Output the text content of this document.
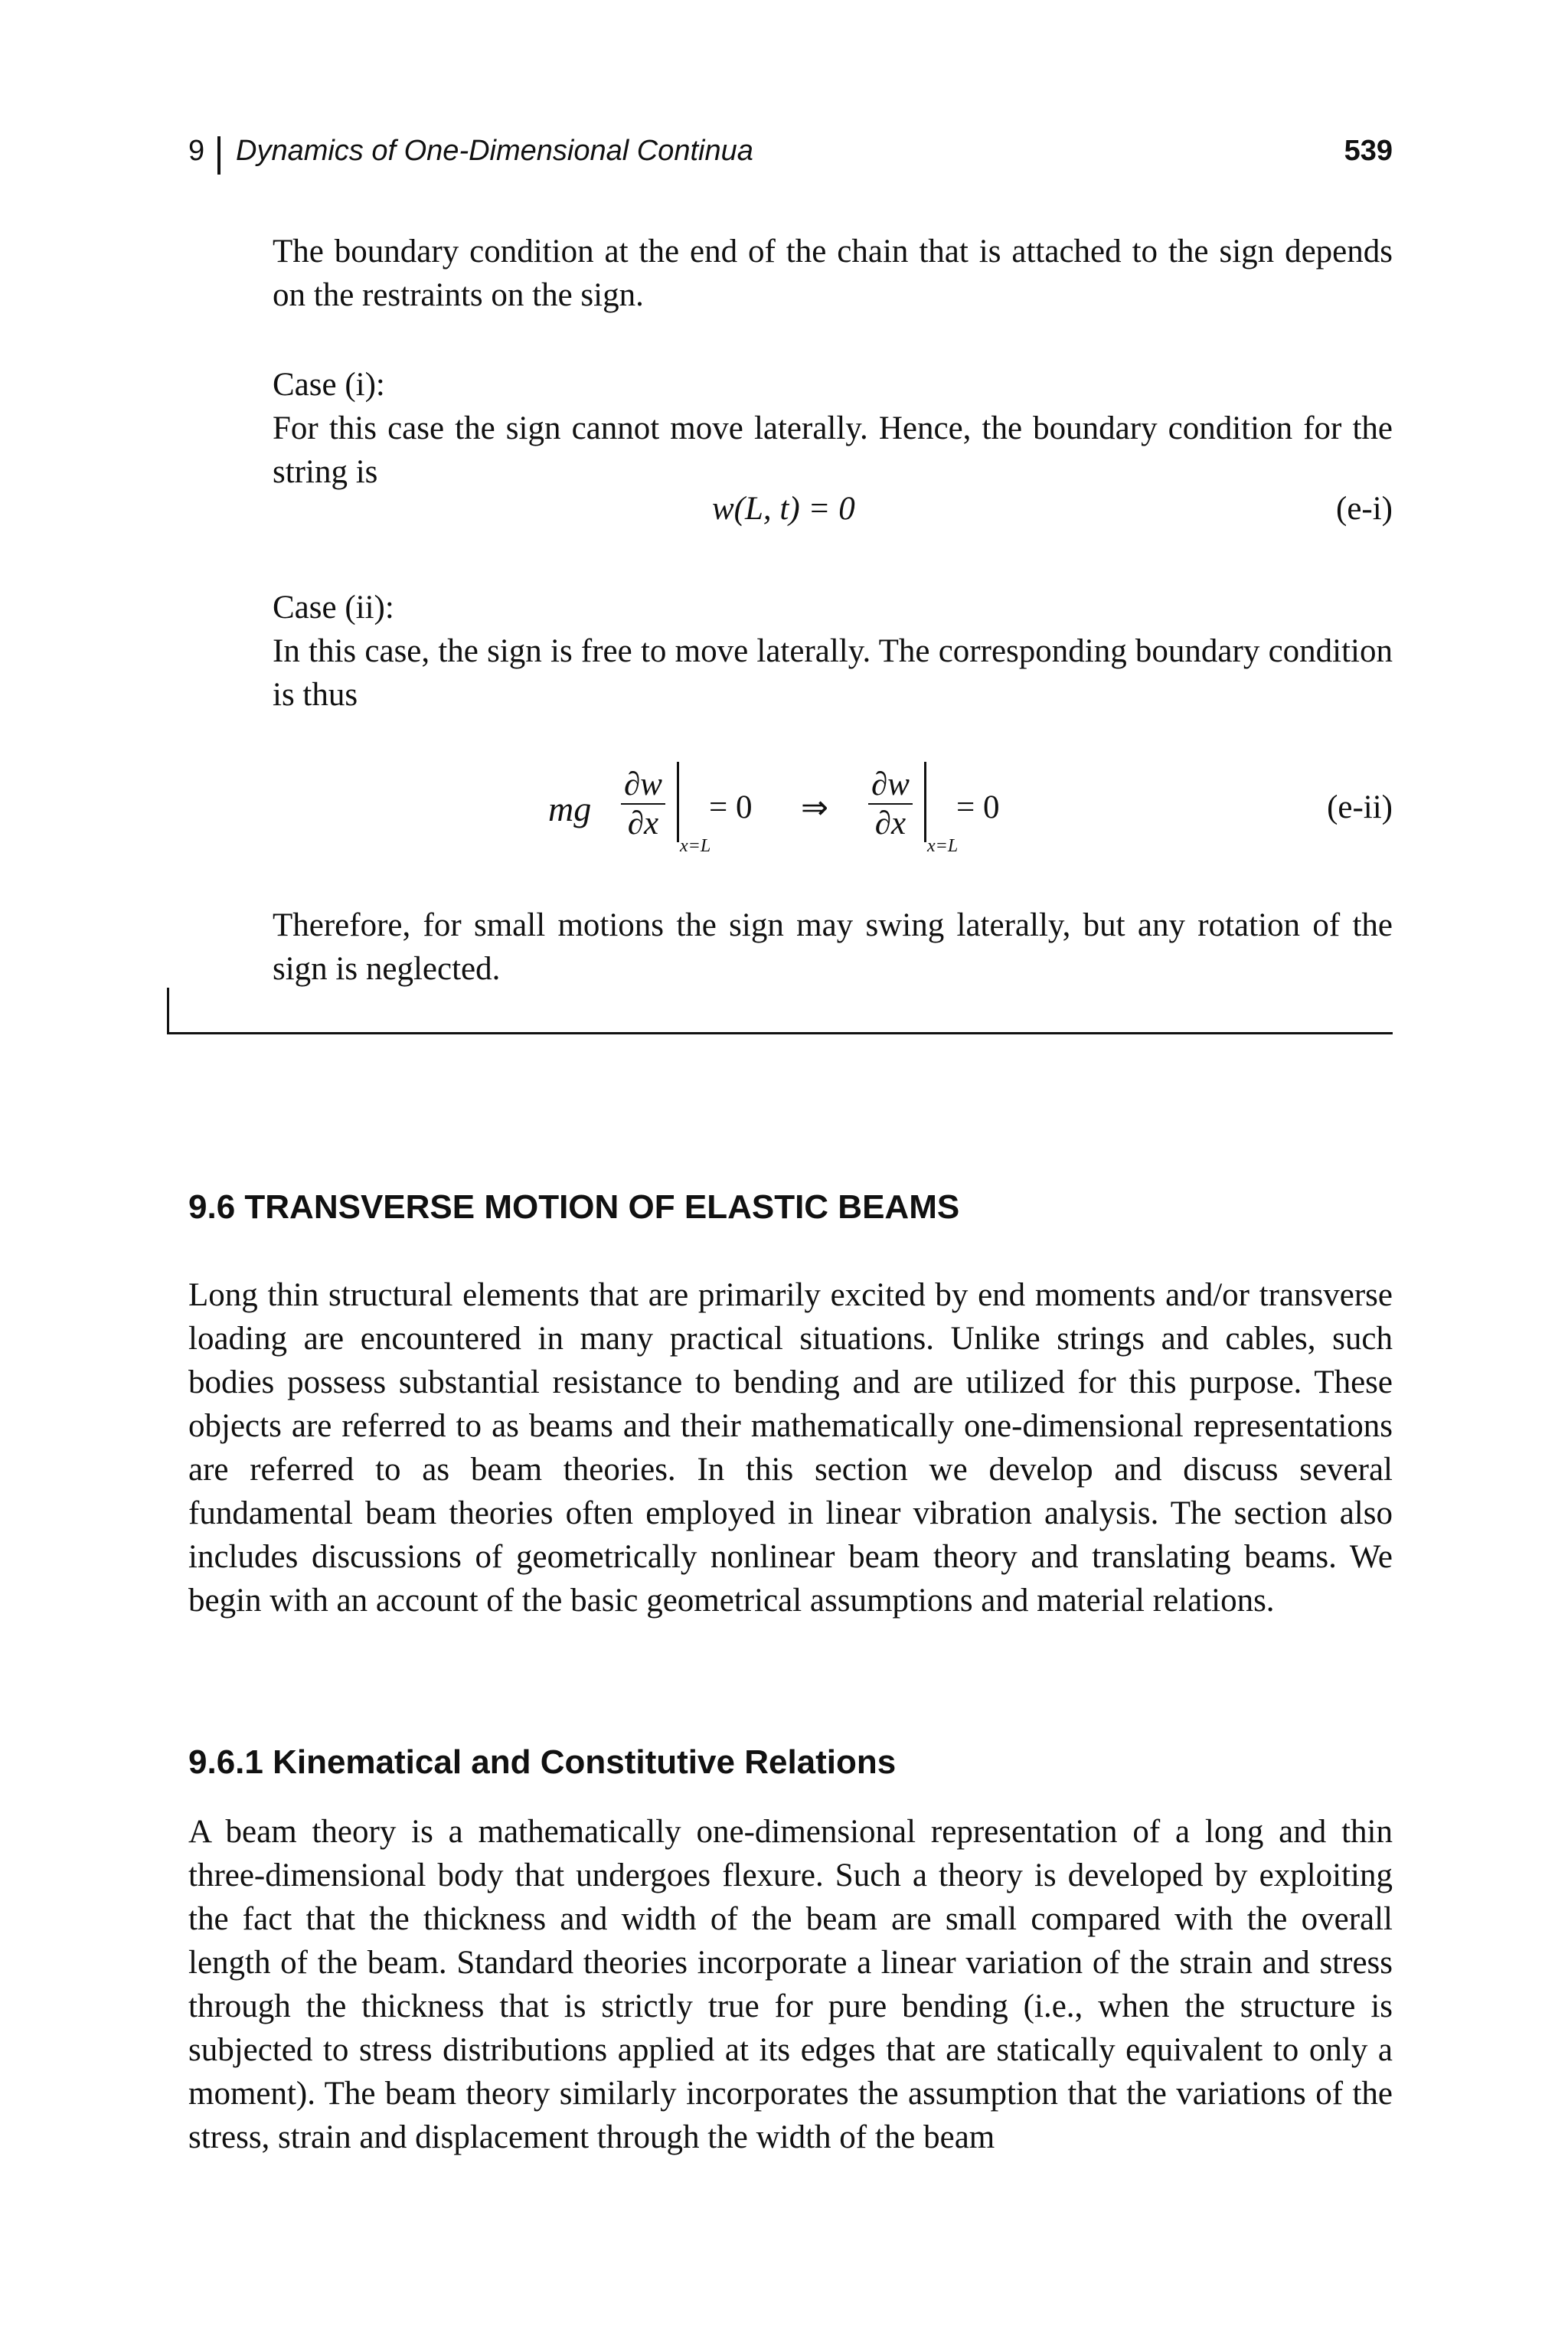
9 Dynamics of One-Dimensional Continua	539
The boundary condition at the end of the chain that is attached to the sign depends on the restraints on the sign.
Case (i):
For this case the sign cannot move laterally. Hence, the boundary condition for the string is
w(L, t) = 0	(e-i)
Case (ii):
In this case, the sign is free to move laterally. The corresponding boundary condition is thus
mg $\frac{\partial w}{\partial x}$
x=L
= 0 ⇒ $\frac{\partial w}{\partial x}$
x=L
= 0	(e-ii)
Therefore, for small motions the sign may swing laterally, but any rotation of the sign is neglected.
9.6 TRANSVERSE MOTION OF ELASTIC BEAMS
Long thin structural elements that are primarily excited by end moments and/or transverse loading are encountered in many practical situations. Unlike strings and cables, such bodies possess substantial resistance to bending and are utilized for this purpose. These objects are referred to as beams and their mathematically one-dimensional representations are referred to as beam theories. In this section we develop and discuss several fundamental beam theories often employed in linear vibration analysis. The section also includes discussions of geometrically nonlinear beam theory and translating beams. We begin with an account of the basic geometrical assumptions and material relations.
9.6.1 Kinematical and Constitutive Relations
A beam theory is a mathematically one-dimensional representation of a long and thin three-dimensional body that undergoes flexure. Such a theory is developed by exploiting the fact that the thickness and width of the beam are small compared with the overall length of the beam. Standard theories incorporate a linear variation of the strain and stress through the thickness that is strictly true for pure bending (i.e., when the structure is subjected to stress distributions applied at its edges that are statically equivalent to only a moment). The beam theory similarly incorporates the assumption that the variations of the stress, strain and displacement through the width of the beam
